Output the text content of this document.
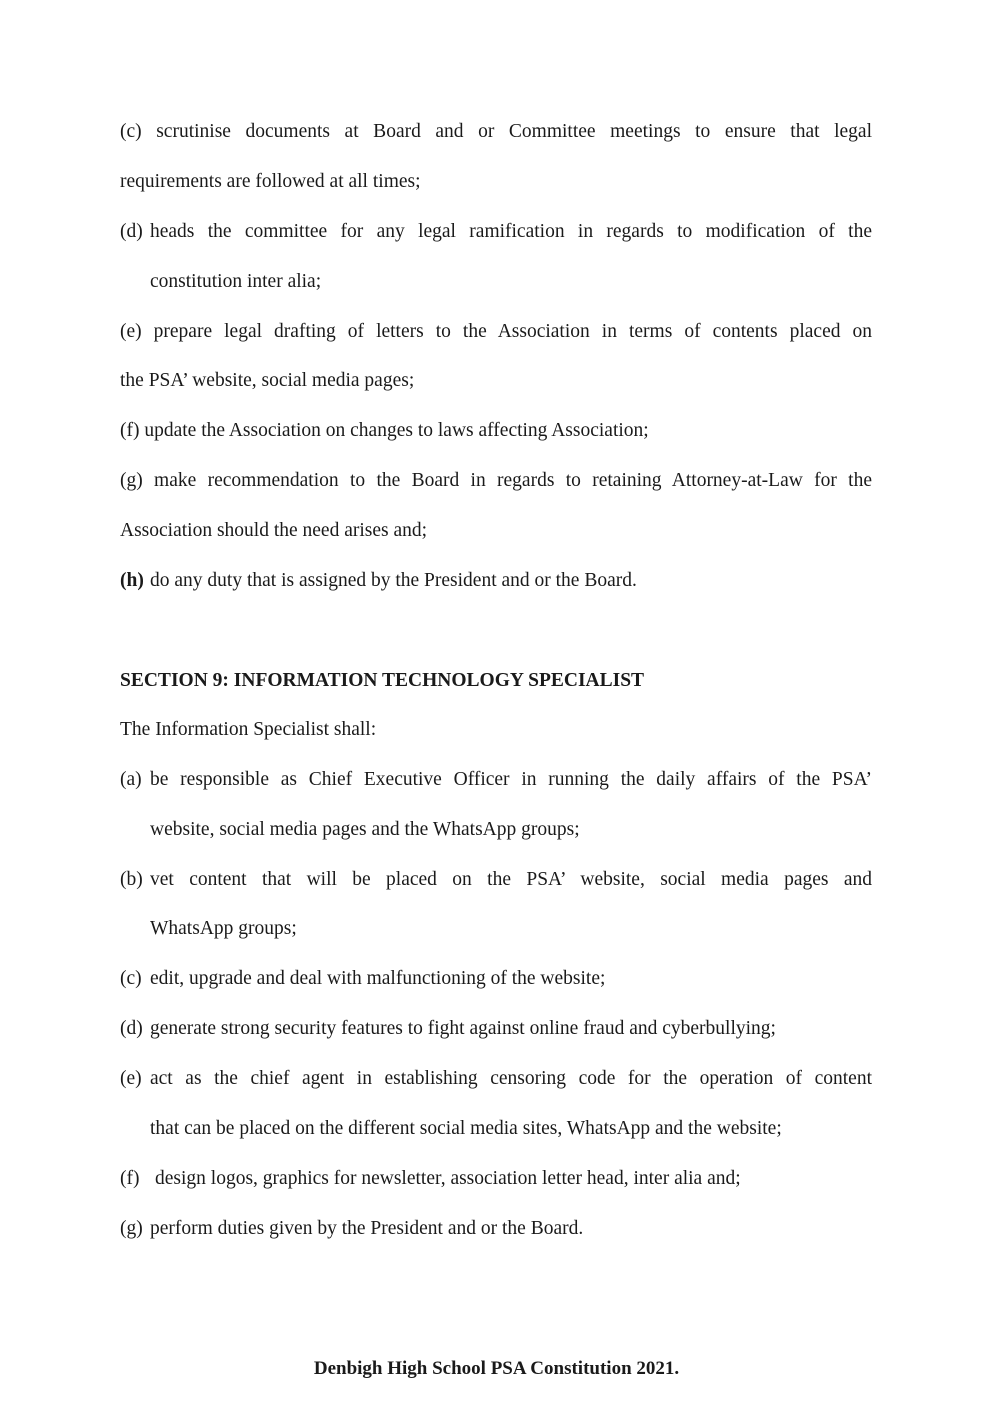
(c) scrutinise documents at Board and or Committee meetings to ensure that legal
requirements are followed at all times;
(d) heads the committee for any legal ramification in regards to modification of the
constitution inter alia;
(e) prepare legal drafting of letters to the Association in terms of contents placed on
the PSA’ website, social media pages;
(f) update the Association on changes to laws affecting Association;
(g) make recommendation to the Board in regards to retaining Attorney-at-Law for the
Association should the need arises and;
(h) do any duty that is assigned by the President and or the Board.
SECTION 9: INFORMATION TECHNOLOGY SPECIALIST
The Information Specialist shall:
(a) be responsible as Chief Executive Officer in running the daily affairs of the PSA’
website, social media pages and the WhatsApp groups;
(b) vet content that will be placed on the PSA’ website, social media pages and
WhatsApp groups;
(c) edit, upgrade and deal with malfunctioning of the website;
(d) generate strong security features to fight against online fraud and cyberbullying;
(e) act as the chief agent in establishing censoring code for the operation of content
that can be placed on the different social media sites, WhatsApp and the website;
(f) design logos, graphics for newsletter, association letter head, inter alia and;
(g) perform duties given by the President and or the Board.
Denbigh High School PSA Constitution 2021.
